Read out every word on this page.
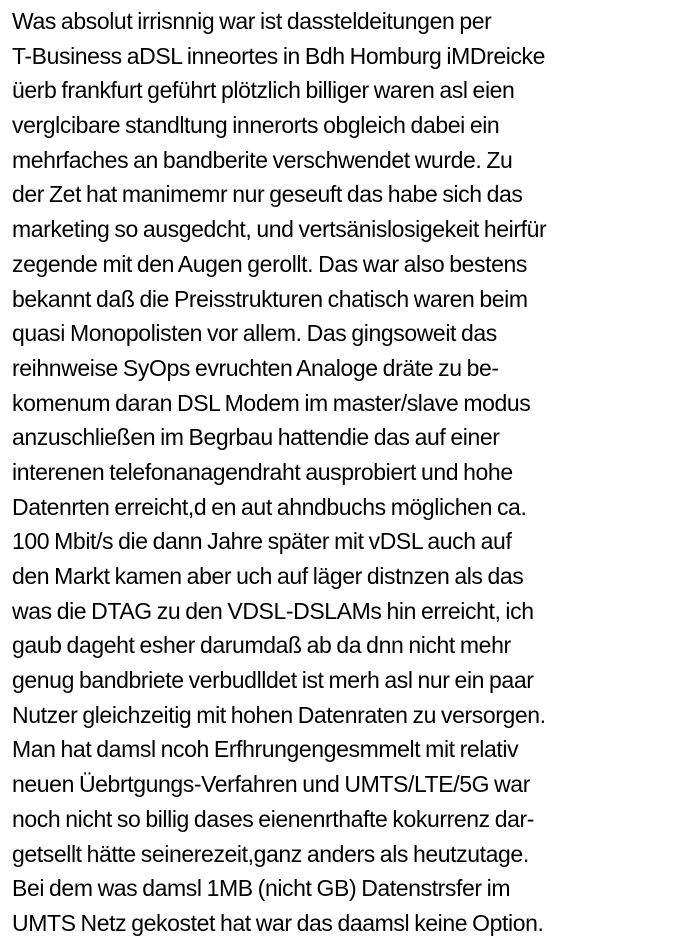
Was absolut irrisnnig war ist dassteldeitungen per
T-Business aDSL inneortes in Bdh Homburg iMDreicke
üerb frankfurt geführt plötzlich billiger waren asl eien
verglcibare standltung innerorts obgleich dabei ein
mehrfaches an bandberite verschwendet wurde. Zu
der Zet hat manimemr nur geseuft das habe sich das
marketing so ausgedcht, und vertsänislosigekeit heirfür
zegende mit den Augen gerollt. Das war also bestens
bekannt daß die Preisstrukturen chatisch waren beim
quasi Monopolisten vor allem. Das gingsoweit das
reihnweise SyOps evruchten Analoge dräte zu be-
komenum daran DSL Modem im master/slave modus
anzuschließen im Begrbau hattendie das auf einer
interenen telefonanagendraht ausprobiert und hohe
Datenrten erreicht,d en aut ahndbuchs möglichen ca.
100 Mbit/s die dann Jahre später mit vDSL auch auf
den Markt kamen aber uch auf läger distnzen als das
was die DTAG zu den VDSL-DSLAMs hin erreicht, ich
gaub dageht esher darumdaß ab da dnn nicht mehr
genug bandbriete verbudlldet ist merh asl nur ein paar
Nutzer gleichzeitig mit hohen Datenraten zu versorgen.
Man hat damsl ncoh Erfhrungengesmmelt mit relativ
neuen Üebrtgungs-Verfahren und UMTS/LTE/5G war
noch nicht so billig dases eienenrthafte kokurrenz dar-
getsellt hätte seinerezeit,ganz anders als heutzutage.
Bei dem was damsl 1MB (nicht GB) Datenstrsfer im
UMTS Netz gekostet hat war das daamsl keine Option.
